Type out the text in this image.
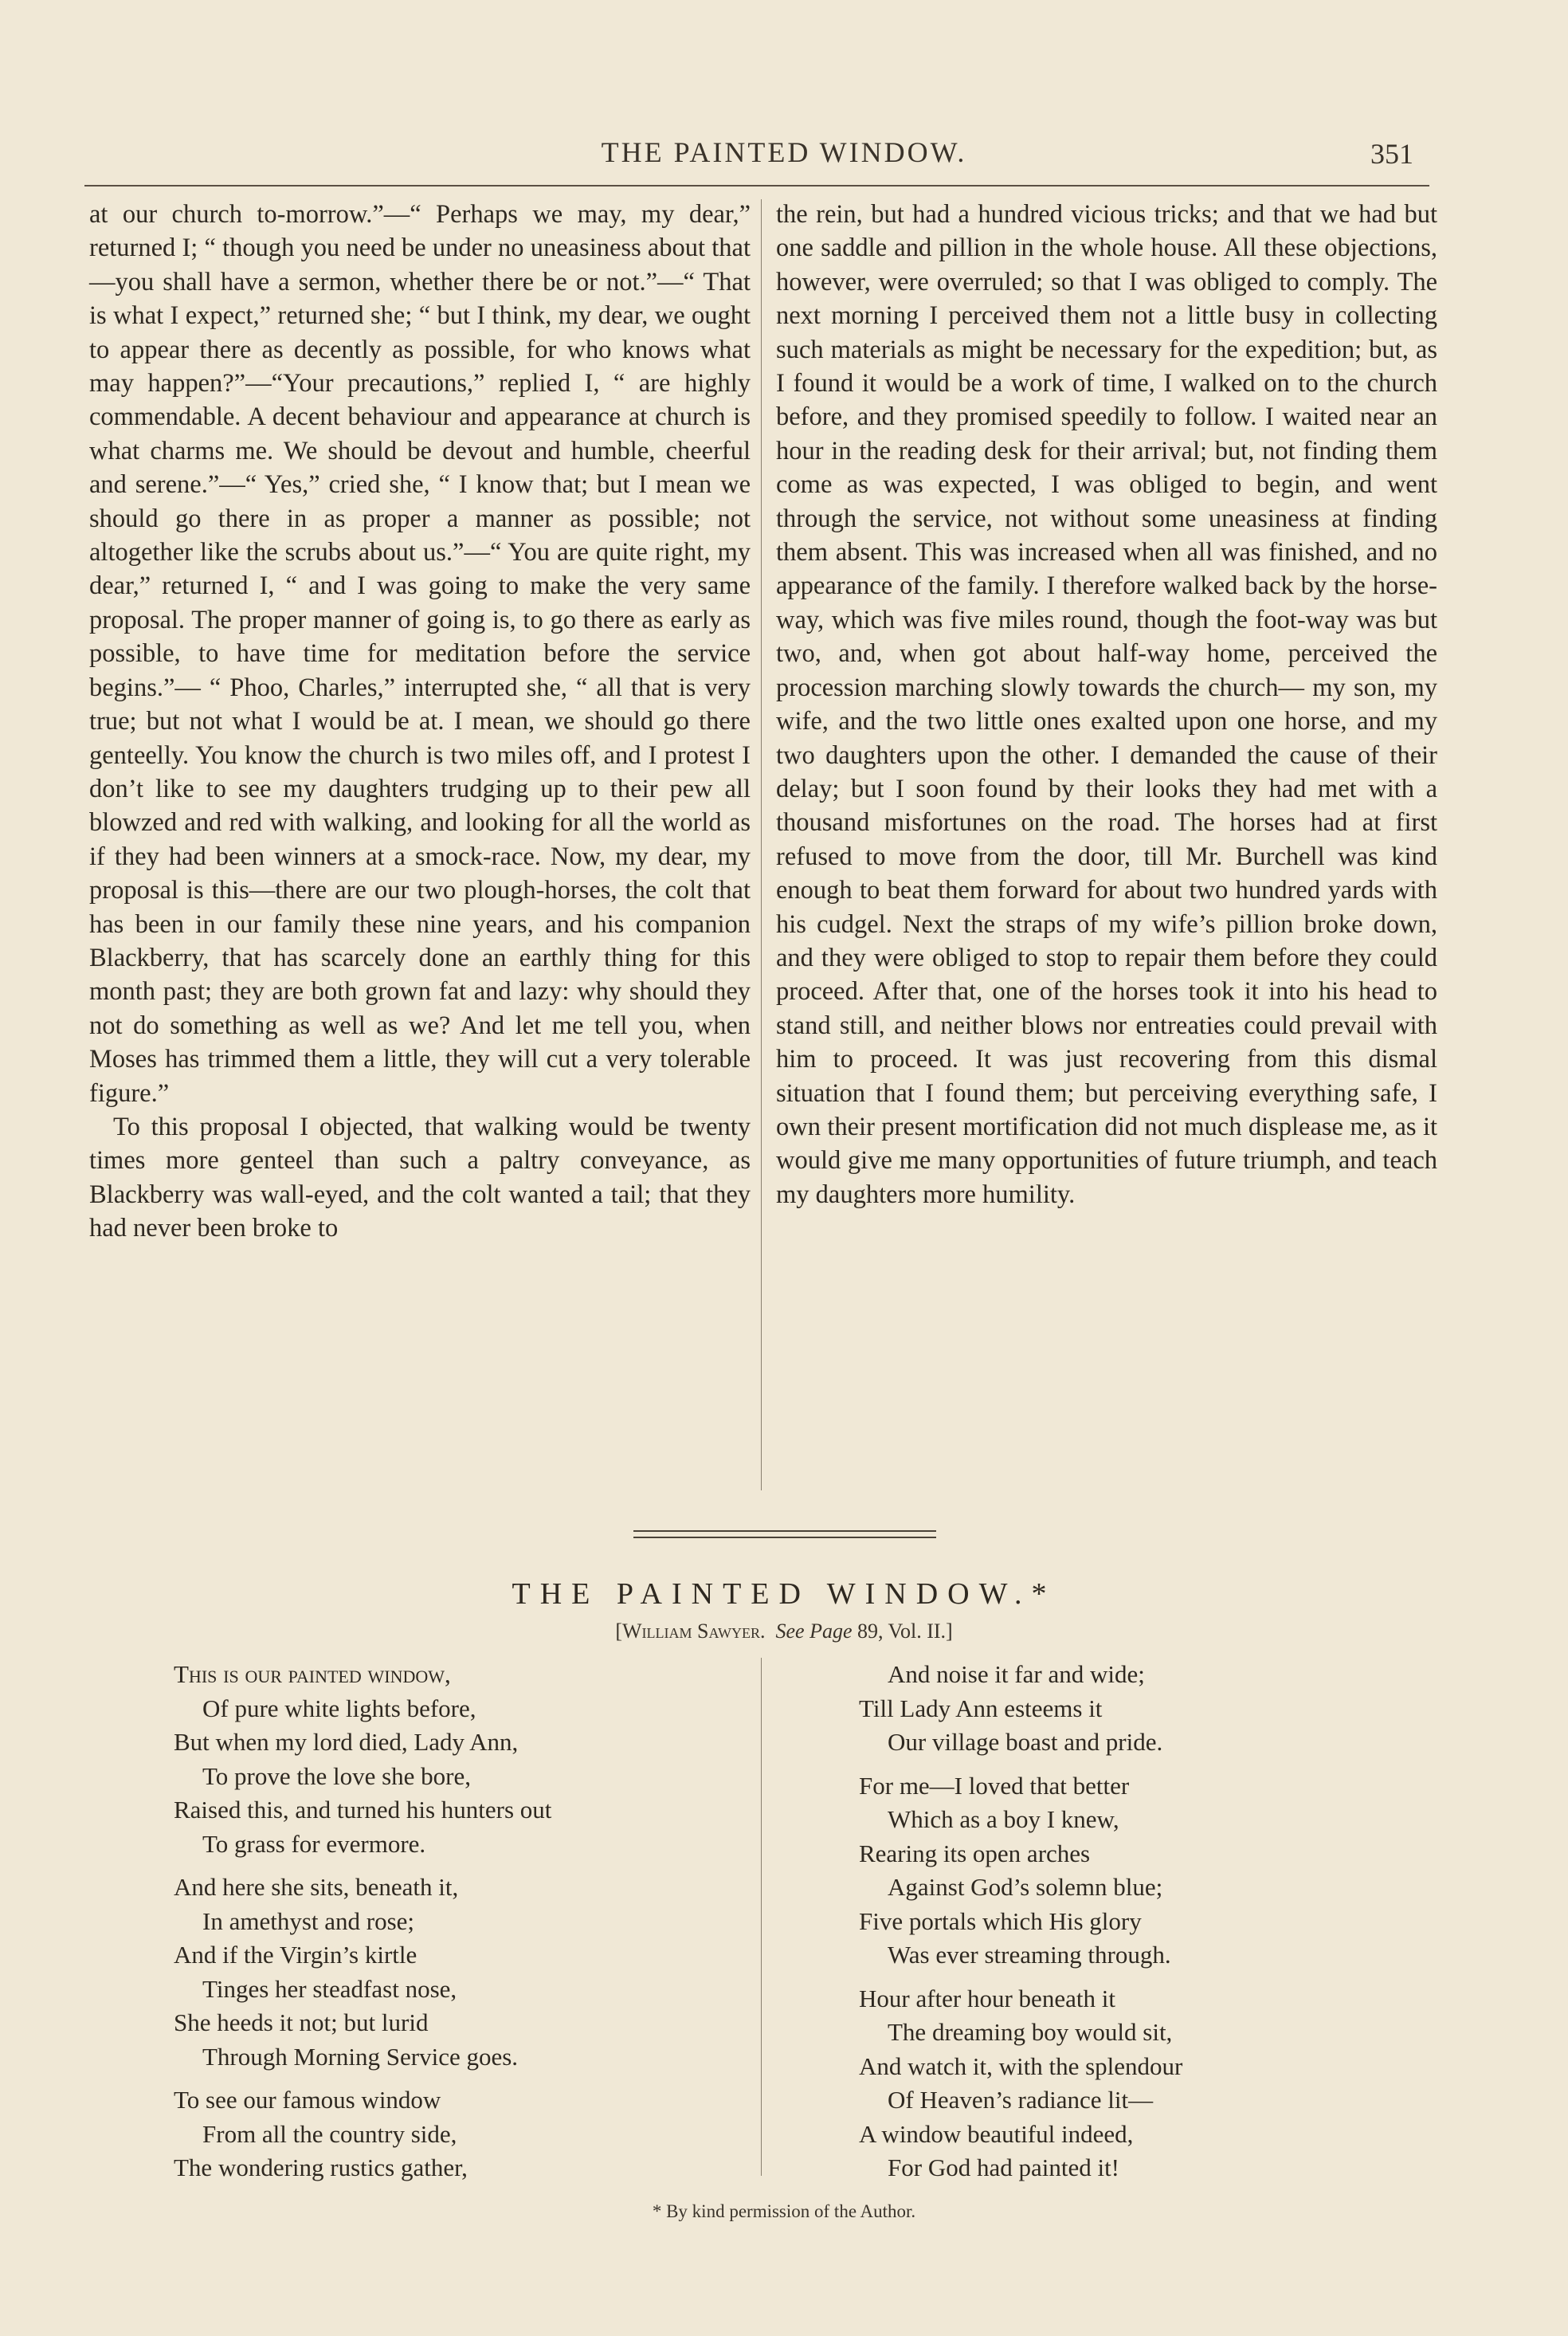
THE PAINTED WINDOW.	351

at our church to-morrow.”—“ Perhaps we may, my dear,” returned I; “ though you need be under no uneasiness about that—you shall have a sermon, whether there be or not.”—“ That is what I expect,” returned she; “ but I think, my dear, we ought to appear there as decently as possible, for who knows what may happen?”—“Your precautions,” replied I, “ are highly commendable. A decent behaviour and appearance at church is what charms me. We should be devout and humble, cheerful and serene.”—“ Yes,” cried she, “ I know that; but I mean we should go there in as proper a manner as possible; not altogether like the scrubs about us.”—“ You are quite right, my dear,” returned I, “ and I was going to make the very same proposal. The proper manner of going is, to go there as early as possible, to have time for meditation before the service begins.”— “ Phoo, Charles,” interrupted she, “ all that is very true; but not what I would be at. I mean, we should go there genteelly. You know the church is two miles off, and I protest I don’t like to see my daughters trudging up to their pew all blowzed and red with walking, and looking for all the world as if they had been winners at a smock-race. Now, my dear, my proposal is this—there are our two plough-horses, the colt that has been in our family these nine years, and his companion Blackberry, that has scarcely done an earthly thing for this month past; they are both grown fat and lazy: why should they not do something as well as we? And let me tell you, when Moses has trimmed them a little, they will cut a very tolerable figure.”

To this proposal I objected, that walking would be twenty times more genteel than such a paltry conveyance, as Blackberry was wall-eyed, and the colt wanted a tail; that they had never been broke to

the rein, but had a hundred vicious tricks; and that we had but one saddle and pillion in the whole house. All these objections, however, were overruled; so that I was obliged to comply. The next morning I perceived them not a little busy in collecting such materials as might be necessary for the expedition; but, as I found it would be a work of time, I walked on to the church before, and they promised speedily to follow. I waited near an hour in the reading desk for their arrival; but, not finding them come as was expected, I was obliged to begin, and went through the service, not without some uneasiness at finding them absent. This was increased when all was finished, and no appearance of the family. I therefore walked back by the horse-way, which was five miles round, though the foot-way was but two, and, when got about half-way home, perceived the procession marching slowly towards the church— my son, my wife, and the two little ones exalted upon one horse, and my two daughters upon the other. I demanded the cause of their delay; but I soon found by their looks they had met with a thousand misfortunes on the road. The horses had at first refused to move from the door, till Mr. Burchell was kind enough to beat them forward for about two hundred yards with his cudgel. Next the straps of my wife’s pillion broke down, and they were obliged to stop to repair them before they could proceed. After that, one of the horses took it into his head to stand still, and neither blows nor entreaties could prevail with him to proceed. It was just recovering from this dismal situation that I found them; but perceiving everything safe, I own their present mortification did not much displease me, as it would give me many opportunities of future triumph, and teach my daughters more humility.

THE PAINTED WINDOW.*
[William Sawyer. See Page 89, Vol. II.]
This is our painted window,
Of pure white lights before,
But when my lord died, Lady Ann,
To prove the love she bore,
Raised this, and turned his hunters out
To grass for evermore.
And here she sits, beneath it,
In amethyst and rose;
And if the Virgin’s kirtle
Tinges her steadfast nose,
She heeds it not; but lurid
Through Morning Service goes.
To see our famous window
From all the country side,
The wondering rustics gather,
And noise it far and wide;
Till Lady Ann esteems it
Our village boast and pride.
For me—I loved that better
Which as a boy I knew,
Rearing its open arches
Against God’s solemn blue;
Five portals which His glory
Was ever streaming through.
Hour after hour beneath it
The dreaming boy would sit,
And watch it, with the splendour
Of Heaven’s radiance lit—
A window beautiful indeed,
For God had painted it!
* By kind permission of the Author.
